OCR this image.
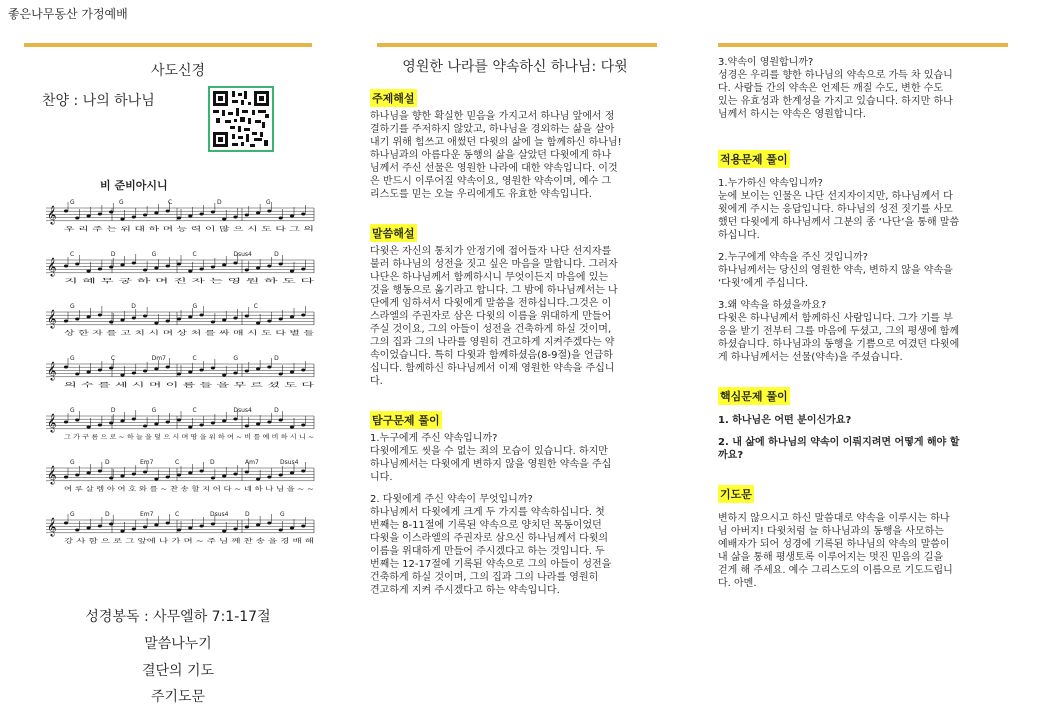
좋은나무동산 가정예배
사도신경
찬양 : 나의 하나님
비 준비아시니
G	G	C	D	G
𝄞
우 리 주 는 위 대 하 며 능 력 이 많 으 시 도 다 그 의
C	D	G	C	Dsus4	D
𝄞
지 혜 무 궁 하 며 진 자 는 영 원 하 도 다
G	D	G	C
𝄞
상 한 자 를 고 치 시 며 상 처 를 싸 매 시 도 다 별 들
G	C	Dm7	C	G	D
𝄞
의 수 를 세 시 며 이 름 들 을 부 르 셨 도 다
G	D	G	C	Dsus4	D
𝄞
그 가 구 름 으 로 ~ 하 늘 을 덮 으 시 며 땅 을 위 하 여 ~ 비 를 예 비 하 시 니 ~
G	D	Em7	C	D	Am7	Dsus4
𝄞
여 루 살 렘 아 여 호 와 를 ~ 찬 송 할 지 어 다 ~ 네 하 나 님 을 ~ ~
G	D	Em7	C	Dsus4	D	G
𝄞
강 사 함 으 로 그 앞에 나 가 며 ~ 주 님 께 찬 송 을 경 배 해
성경봉독 : 사무엘하 7:1-17절
말씀나누기
결단의 기도
주기도문
영원한 나라를 약속하신 하나님: 다윗
주제해설
하나님을 향한 확실한 믿음을 가지고서 하나님 앞에서 정
결하기를 주저하지 않았고, 하나님을 경외하는 삶을 살아
내기 위해 힘쓰고 애썼던 다윗의 삶에 늘 함께하신 하나님!
하나님과의 아름다운 동행의 삶을 살았던 다윗에게 하나
님께서 주신 선물은 영원한 나라에 대한 약속입니다. 이것
은 반드시 이루어질 약속이요, 영원한 약속이며, 예수 그
리스도를 믿는 오늘 우리에게도 유효한 약속입니다.
말씀해설
다윗은 자신의 통치가 안정기에 접어들자 나단 선지자를
불러 하나님의 성전을 짓고 싶은 마음을 말합니다. 그러자
나단은 하나님께서 함께하시니 무엇이든지 마음에 있는
것을 행동으로 옮기라고 합니다. 그 밤에 하나님께서는 나
단에게 임하셔서 다윗에게 말씀을 전하십니다.그것은 이
스라엘의 주권자로 삼은 다윗의 이름을 위대하게 만들어
주실 것이요, 그의 아들이 성전을 건축하게 하실 것이며,
그의 집과 그의 나라를 영원히 견고하게 지켜주겠다는 약
속이었습니다. 특히 다윗과 함께하셨음(8-9절)을 언급하
십니다. 함께하신 하나님께서 이제 영원한 약속을 주십니
다.
탐구문제 풀이
1.누구에게 주신 약속입니까?
다윗에게도 씻을 수 없는 죄의 모습이 있습니다. 하지만
하나님께서는 다윗에게 변하지 않을 영원한 약속을 주십
니다.
2. 다윗에게 주신 약속이 무엇입니까?
하나님께서 다윗에게 크게 두 가지를 약속하십니다. 첫
번째는 8-11절에 기록된 약속으로 양치던 목동이었던
다윗을 이스라엘의 주권자로 삼으신 하나님께서 다윗의
이름을 위대하게 만들어 주시겠다고 하는 것입니다. 두
번째는 12-17절에 기록된 약속으로 그의 아들이 성전을
건축하게 하실 것이며, 그의 집과 그의 나라를 영원히
견고하게 지켜 주시겠다고 하는 약속입니다.
3.약속이 영원합니까?
성경은 우리를 향한 하나님의 약속으로 가득 차 있습니
다. 사람들 간의 약속은 언제든 깨질 수도, 변한 수도
있는 유효성과 한계성을 가지고 있습니다. 하지만 하나
님께서 하시는 약속은 영원합니다.
적용문제 풀이
1.누가하신 약속입니까?
눈에 보이는 인물은 나단 선지자이지만, 하나님께서 다
윗에게 주시는 응답입니다. 하나님의 성전 짓기를 사모
했던 다윗에게 하나님께서 그분의 종 ‘나단’을 통해 말씀
하십니다.
2.누구에게 약속을 주신 것입니까?
하나님께서는 당신의 영원한 약속, 변하지 않을 약속을
‘다윗’에게 주십니다.
3.왜 약속을 하셨을까요?
다윗은 하나님께서 함께하신 사람입니다. 그가 기를 부
응을 받기 전부터 그를 마음에 두셨고, 그의 평생에 함께
하셨습니다. 하나님과의 동행을 기쁨으로 여겼던 다윗에
게 하나님께서는 선물(약속)을 주셨습니다.
핵심문제 풀이
1. 하나님은 어떤 분이신가요?
2. 내 삶에 하나님의 약속이 이뤄지려면 어떻게 해야 할
까요?
기도문
변하지 않으시고 하신 말씀대로 약속을 이루시는 하나
님 아버지! 다윗처럼 늘 하나님과의 동행을 사모하는
예배자가 되어 성경에 기록된 하나님의 약속의 말씀이
내 삶을 통해 평생토록 이루어지는 멋진 믿음의 길을
걷게 해 주세요. 예수 그리스도의 이름으로 기도드립니
다. 아멘.
